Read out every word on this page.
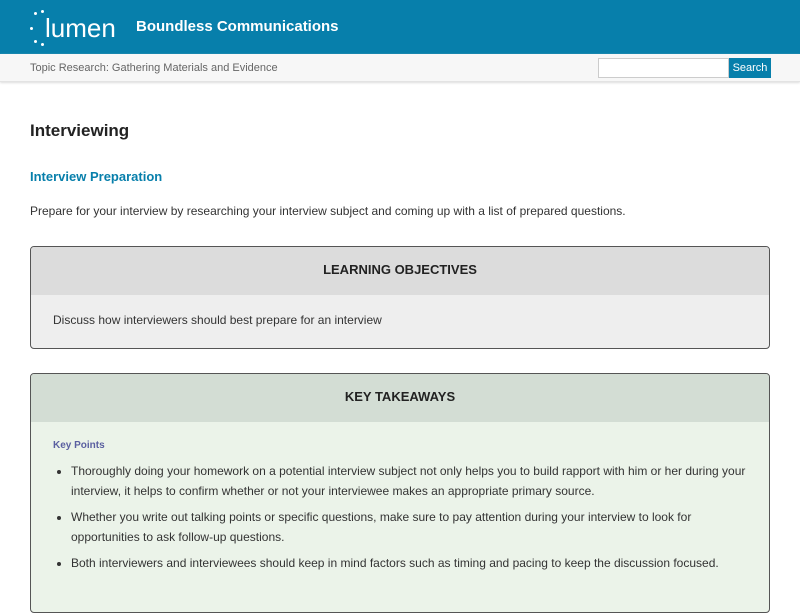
lumen Boundless Communications
Topic Research: Gathering Materials and Evidence	Search
Interviewing
Interview Preparation

Prepare for your interview by researching your interview subject and coming up with a list of prepared questions.

LEARNING OBJECTIVES

Discuss how interviewers should best prepare for an interview

KEY TAKEAWAYS
Key Points
• Thoroughly doing your homework on a potential interview subject not only helps you to build rapport with him or her during your interview, it helps to confirm whether or not your interviewee makes an appropriate primary source.
• Whether you write out talking points or specific questions, make sure to pay attention during your interview to look for opportunities to ask follow-up questions.
• Both interviewers and interviewees should keep in mind factors such as timing and pacing to keep the discussion focused.
